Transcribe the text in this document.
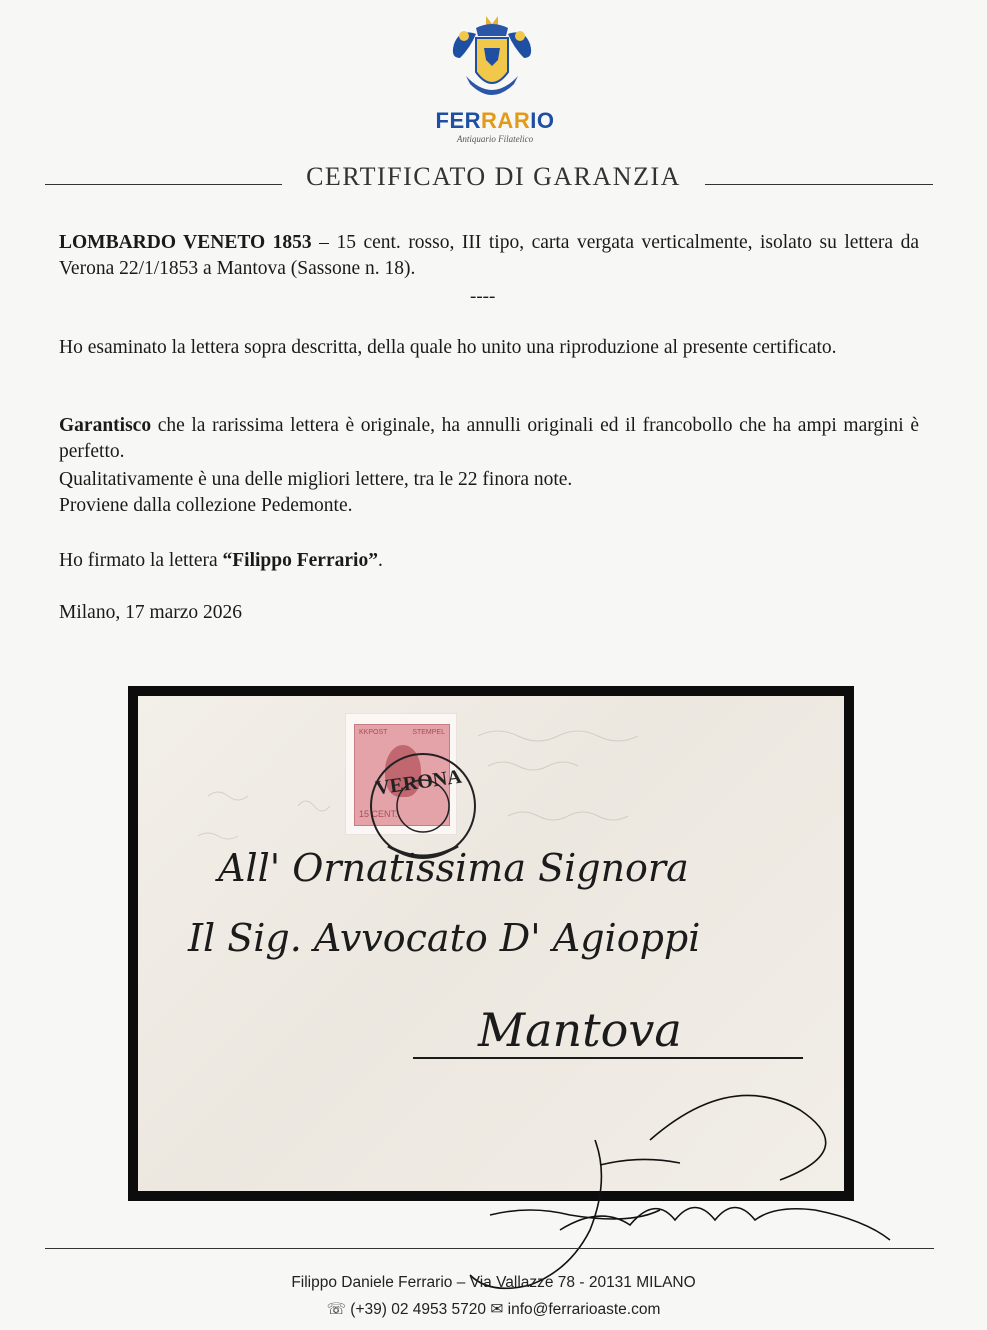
FERRARIO
Antiquario Filatelico
CERTIFICATO DI GARANZIA
LOMBARDO VENETO 1853 – 15 cent. rosso, III tipo, carta vergata verticalmente, isolato su lettera da Verona 22/1/1853 a Mantova (Sassone n. 18).
----
Ho esaminato la lettera sopra descritta, della quale ho unito una riproduzione al presente certificato.
Garantisco che la rarissima lettera è originale, ha annulli originali ed il francobollo che ha ampi margini è perfetto.
Qualitativamente è una delle migliori lettere, tra le 22 finora note.
Proviene dalla collezione Pedemonte.
Ho firmato la lettera “Filippo Ferrario”.
Milano, 17 marzo 2026
KKPOST	STEMPEL
15 CENT.
VERONA
All' Ornatissima Signora
Il Sig. Avvocato D' Agioppi
Mantova
Filippo Daniele Ferrario – Via Vallazze 78 - 20131 MILANO
☏ (+39) 02 4953 5720 ✉ info@ferrarioaste.com
